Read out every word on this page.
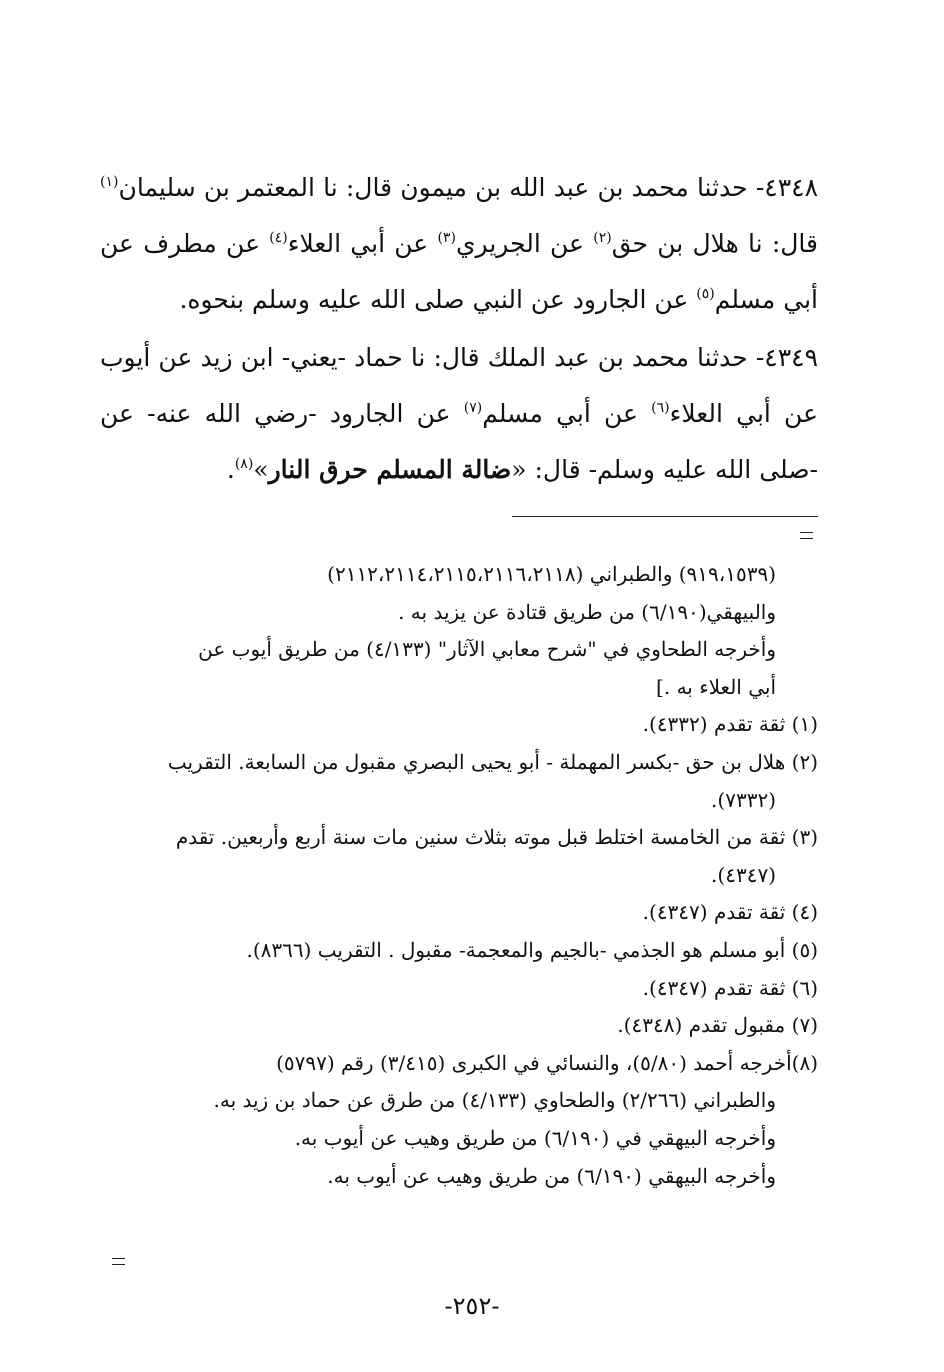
٤٣٤٨- حدثنا محمد بن عبد الله بن ميمون قال: نا المعتمر بن سليمان$^{(١)}$ قال: نا هلال بن حق$^{(٢)}$ عن الجريري$^{(٣)}$ عن أبي العلاء$^{(٤)}$ عن مطرف عن أبي مسلم$^{(٥)}$ عن الجارود عن النبي صلى الله عليه وسلم بنحوه.
٤٣٤٩- حدثنا محمد بن عبد الملك قال: نا حماد -يعني- ابن زيد عن أيوب عن أبي العلاء$^{(٦)}$ عن أبي مسلم$^{(٧)}$ عن الجارود -رضي الله عنه- عن -صلى الله عليه وسلم- قال: «ضالة المسلم حرق النار»$^{(٨)}$.
(٩١٩،١٥٣٩) والطبراني (٢١١٢،٢١١٤،٢١١٥،٢١١٦،٢١١٨)
والبيهقي(٦/١٩٠) من طريق قتادة عن يزيد به .
وأخرجه الطحاوي في "شرح معابي الآثار" (٤/١٣٣) من طريق أيوب عن
أبي العلاء به .]
(١) ثقة تقدم (٤٣٣٢).
(٢) هلال بن حق -بكسر المهملة - أبو يحيى البصري مقبول من السابعة. التقريب
(٧٣٣٢).
(٣) ثقة من الخامسة اختلط قبل موته بثلاث سنين مات سنة أربع وأربعين. تقدم
(٤٣٤٧).
(٤) ثقة تقدم (٤٣٤٧).
(٥) أبو مسلم هو الجذمي -بالجيم والمعجمة- مقبول . التقريب (٨٣٦٦).
(٦) ثقة تقدم (٤٣٤٧).
(٧) مقبول تقدم (٤٣٤٨).
(٨)أخرجه أحمد (٥/٨٠)، والنسائي في الكبرى (٣/٤١٥) رقم (٥٧٩٧)
والطبراني (٢/٢٦٦) والطحاوي (٤/١٣٣) من طرق عن حماد بن زيد به.
وأخرجه البيهقي في (٦/١٩٠) من طريق وهيب عن أيوب به.
وأخرجه البيهقي (٦/١٩٠) من طريق وهيب عن أيوب به.
-٢٥٢-
